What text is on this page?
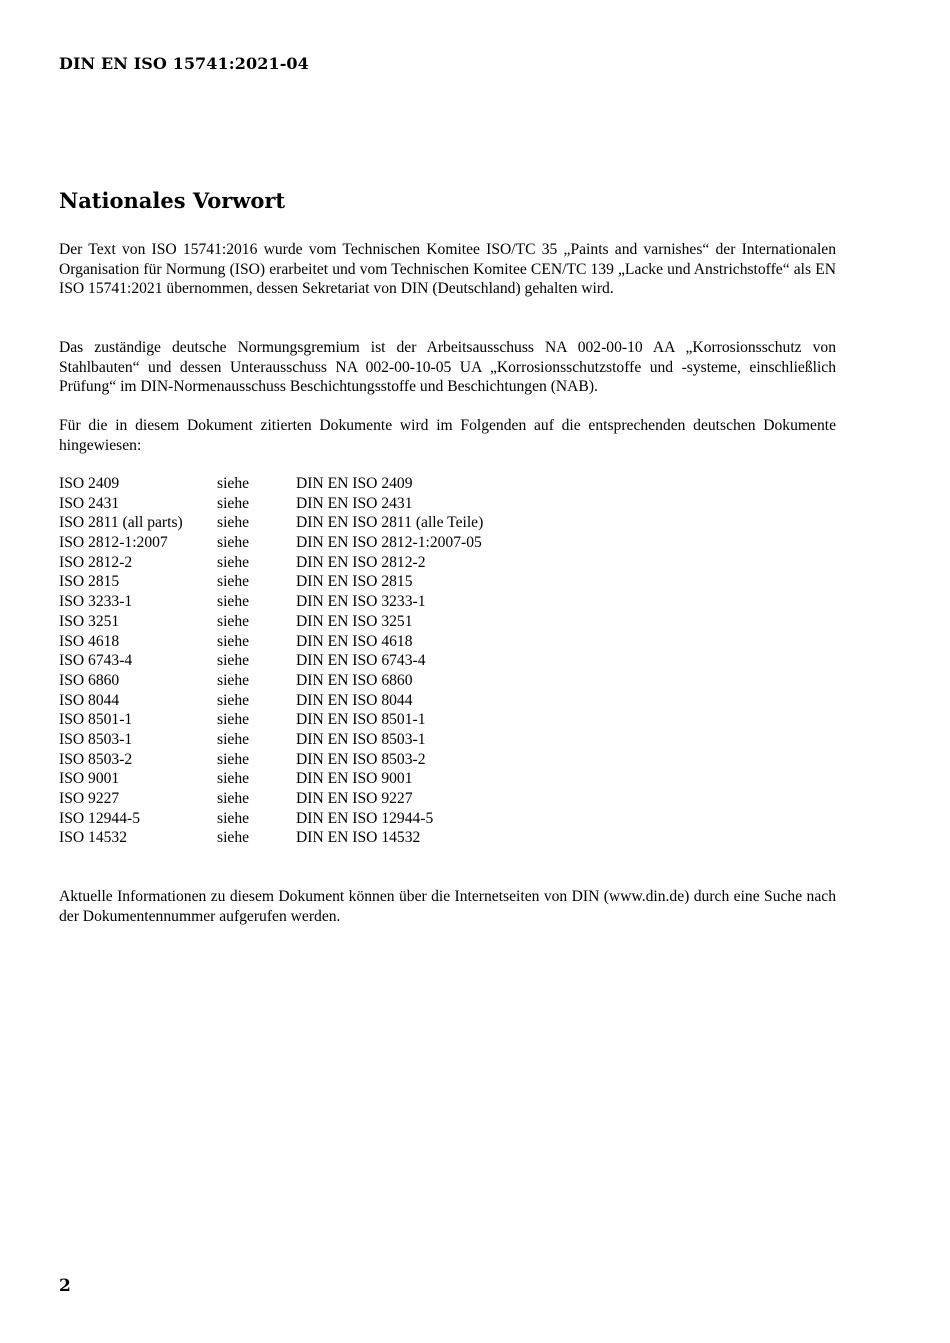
DIN EN ISO 15741:2021-04
Nationales Vorwort

Der Text von ISO 15741:2016 wurde vom Technischen Komitee ISO/TC 35 „Paints and varnishes“ der Internationalen Organisation für Normung (ISO) erarbeitet und vom Technischen Komitee CEN/TC 139 „Lacke und Anstrichstoffe“ als EN ISO 15741:2021 übernommen, dessen Sekretariat von DIN (Deutschland) gehalten wird.

Das zuständige deutsche Normungsgremium ist der Arbeitsausschuss NA 002-00-10 AA „Korrosionsschutz von Stahlbauten“ und dessen Unterausschuss NA 002-00-10-05 UA „Korrosionsschutzstoffe und -systeme, einschließlich Prüfung“ im DIN-Normenausschuss Beschichtungsstoffe und Beschichtungen (NAB).

Für die in diesem Dokument zitierten Dokumente wird im Folgenden auf die entsprechenden deutschen Dokumente hingewiesen:

ISO 2409	siehe	DIN EN ISO 2409
ISO 2431	siehe	DIN EN ISO 2431
ISO 2811 (all parts)	siehe	DIN EN ISO 2811 (alle Teile)
ISO 2812-1:2007	siehe	DIN EN ISO 2812-1:2007-05
ISO 2812-2	siehe	DIN EN ISO 2812-2
ISO 2815	siehe	DIN EN ISO 2815
ISO 3233-1	siehe	DIN EN ISO 3233-1
ISO 3251	siehe	DIN EN ISO 3251
ISO 4618	siehe	DIN EN ISO 4618
ISO 6743-4	siehe	DIN EN ISO 6743-4
ISO 6860	siehe	DIN EN ISO 6860
ISO 8044	siehe	DIN EN ISO 8044
ISO 8501-1	siehe	DIN EN ISO 8501-1
ISO 8503-1	siehe	DIN EN ISO 8503-1
ISO 8503-2	siehe	DIN EN ISO 8503-2
ISO 9001	siehe	DIN EN ISO 9001
ISO 9227	siehe	DIN EN ISO 9227
ISO 12944-5	siehe	DIN EN ISO 12944-5
ISO 14532	siehe	DIN EN ISO 14532

Aktuelle Informationen zu diesem Dokument können über die Internetseiten von DIN (www.din.de) durch eine Suche nach der Dokumentennummer aufgerufen werden.

2
